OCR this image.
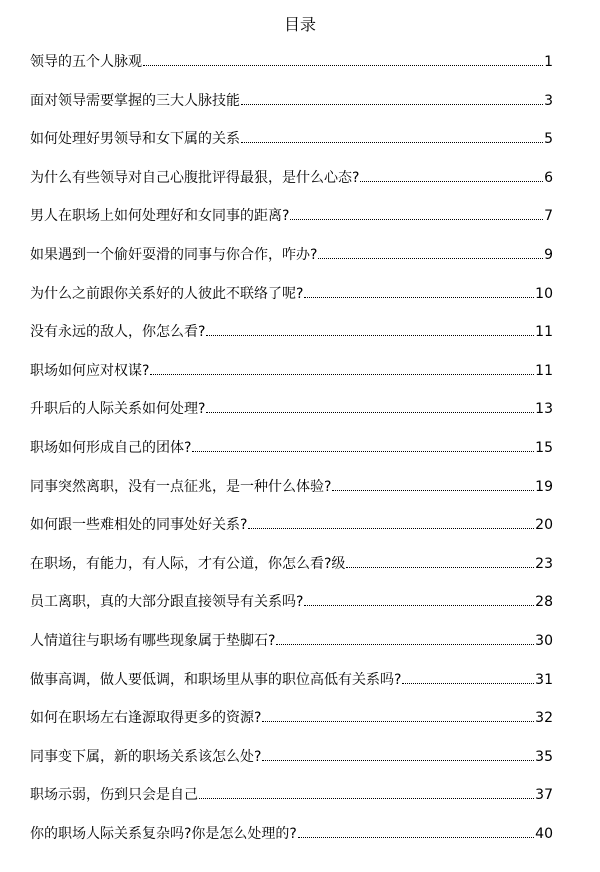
目录
领导的五个人脉观	1
面对领导需要掌握的三大人脉技能	3
如何处理好男领导和女下属的关系	5
为什么有些领导对自己心腹批评得最狠，是什么心态?	6
男人在职场上如何处理好和女同事的距离?	7
如果遇到一个偷奸耍滑的同事与你合作，咋办?	9
为什么之前跟你关系好的人彼此不联络了呢?	10
没有永远的敌人，你怎么看?	11
职场如何应对权谋?	11
升职后的人际关系如何处理?	13
职场如何形成自己的团体?	15
同事突然离职，没有一点征兆，是一种什么体验?	19
如何跟一些难相处的同事处好关系?	20
在职场，有能力，有人际，才有公道，你怎么看?级	23
员工离职，真的大部分跟直接领导有关系吗?	28
人情道往与职场有哪些现象属于垫脚石?	30
做事高调，做人要低调，和职场里从事的职位高低有关系吗?	31
如何在职场左右逢源取得更多的资源?	32
同事变下属，新的职场关系该怎么处?	35
职场示弱，伤到只会是自己	37
你的职场人际关系复杂吗?你是怎么处理的?	40
